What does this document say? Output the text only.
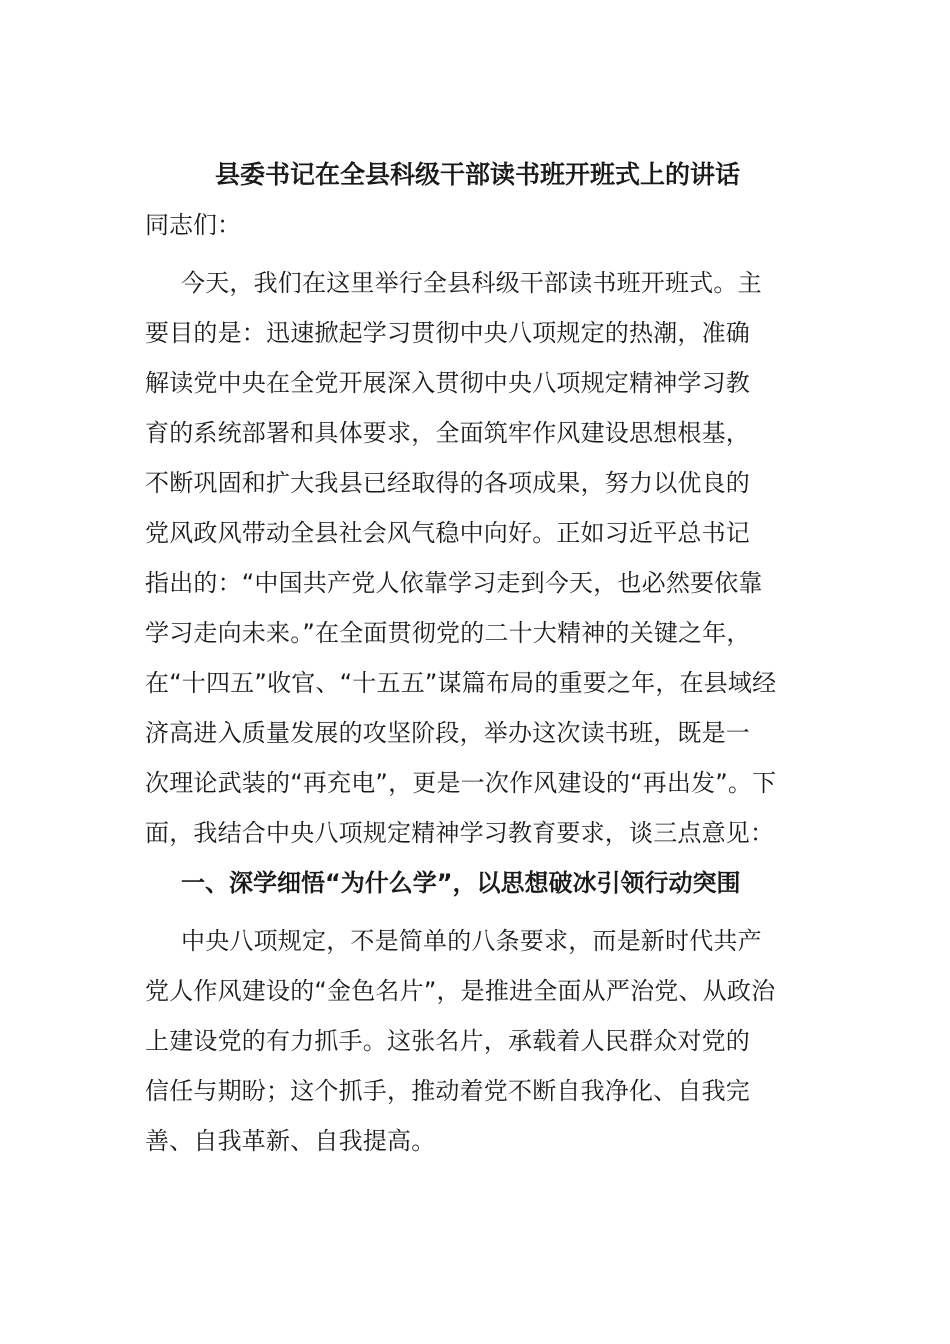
县委书记在全县科级干部读书班开班式上的讲话

同志们：

今天，我们在这里举行全县科级干部读书班开班式。主
要目的是：迅速掀起学习贯彻中央八项规定的热潮，准确
解读党中央在全党开展深入贯彻中央八项规定精神学习教
育的系统部署和具体要求，全面筑牢作风建设思想根基，
不断巩固和扩大我县已经取得的各项成果，努力以优良的
党风政风带动全县社会风气稳中向好。正如习近平总书记
指出的：“中国共产党人依靠学习走到今天，也必然要依靠
学习走向未来。”在全面贯彻党的二十大精神的关键之年，
在“十四五”收官、“十五五”谋篇布局的重要之年，在县域经
济高进入质量发展的攻坚阶段，举办这次读书班，既是一
次理论武装的“再充电”，更是一次作风建设的“再出发”。下
面，我结合中央八项规定精神学习教育要求，谈三点意见：
一、深学细悟“为什么学”，以思想破冰引领行动突围
中央八项规定，不是简单的八条要求，而是新时代共产
党人作风建设的“金色名片”，是推进全面从严治党、从政治
上建设党的有力抓手。这张名片，承载着人民群众对党的
信任与期盼；这个抓手，推动着党不断自我净化、自我完
善、自我革新、自我提高。
